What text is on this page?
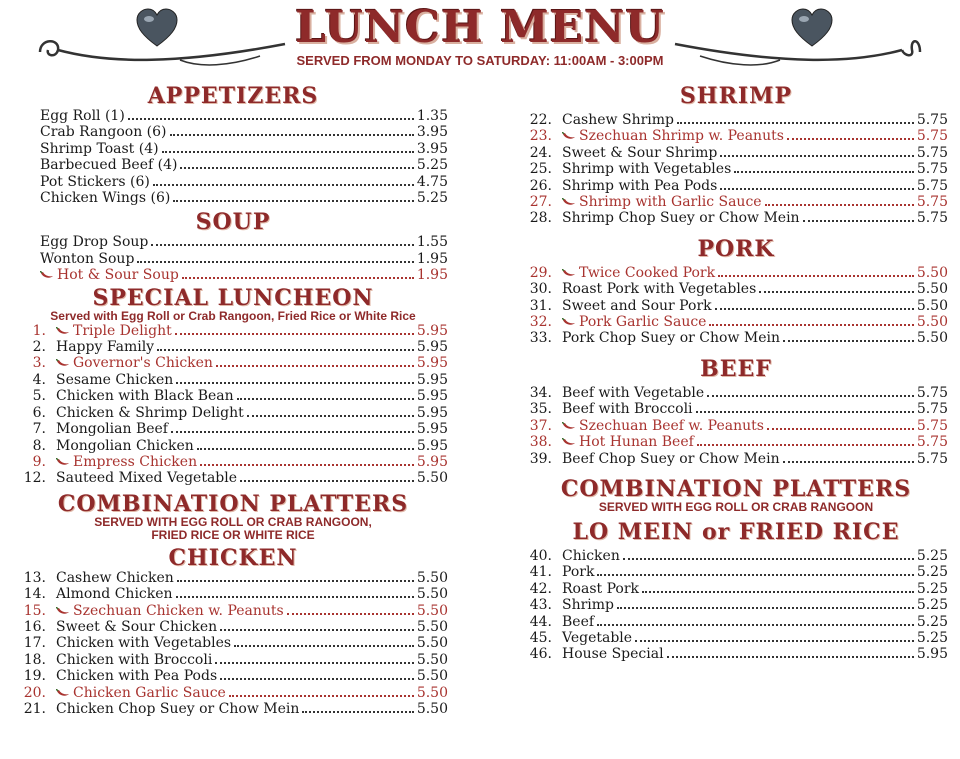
LUNCH MENU
SERVED FROM MONDAY TO SATURDAY: 11:00AM - 3:00PM
APPETIZERS
Egg Roll (1)	1.35
Crab Rangoon (6)	3.95
Shrimp Toast (4)	3.95
Barbecued Beef (4)	5.25
Pot Stickers (6)	4.75
Chicken Wings (6)	5.25
SOUP
Egg Drop Soup	1.55
Wonton Soup	1.95
Hot & Sour Soup	1.95
SPECIAL LUNCHEON
Served with Egg Roll or Crab Rangoon, Fried Rice or White Rice
1.	Triple Delight	5.95
2. Happy Family	5.95
3.	Governor's Chicken	5.95
4. Sesame Chicken	5.95
5. Chicken with Black Bean	5.95
6. Chicken & Shrimp Delight	5.95
7. Mongolian Beef	5.95
8. Mongolian Chicken	5.95
9.	Empress Chicken	5.95
12. Sauteed Mixed Vegetable	5.50
COMBINATION PLATTERS
SERVED WITH EGG ROLL OR CRAB RANGOON,
FRIED RICE OR WHITE RICE
CHICKEN
13. Cashew Chicken	5.50
14. Almond Chicken	5.50
15.	Szechuan Chicken w. Peanuts	5.50
16. Sweet & Sour Chicken	5.50
17. Chicken with Vegetables	5.50
18. Chicken with Broccoli	5.50
19. Chicken with Pea Pods	5.50
20.	Chicken Garlic Sauce	5.50
21. Chicken Chop Suey or Chow Mein	5.50
SHRIMP
22. Cashew Shrimp	5.75
23.	Szechuan Shrimp w. Peanuts	5.75
24. Sweet & Sour Shrimp	5.75
25. Shrimp with Vegetables	5.75
26. Shrimp with Pea Pods	5.75
27.	Shrimp with Garlic Sauce	5.75
28. Shrimp Chop Suey or Chow Mein	5.75
PORK
29.	Twice Cooked Pork	5.50
30. Roast Pork with Vegetables	5.50
31. Sweet and Sour Pork	5.50
32.	Pork Garlic Sauce	5.50
33. Pork Chop Suey or Chow Mein	5.50
BEEF
34. Beef with Vegetable	5.75
35. Beef with Broccoli	5.75
37.	Szechuan Beef w. Peanuts	5.75
38.	Hot Hunan Beef	5.75
39. Beef Chop Suey or Chow Mein	5.75
COMBINATION PLATTERS
SERVED WITH EGG ROLL OR CRAB RANGOON
LO MEIN or FRIED RICE
40. Chicken	5.25
41. Pork	5.25
42. Roast Pork	5.25
43. Shrimp	5.25
44. Beef	5.25
45. Vegetable	5.25
46. House Special	5.95
